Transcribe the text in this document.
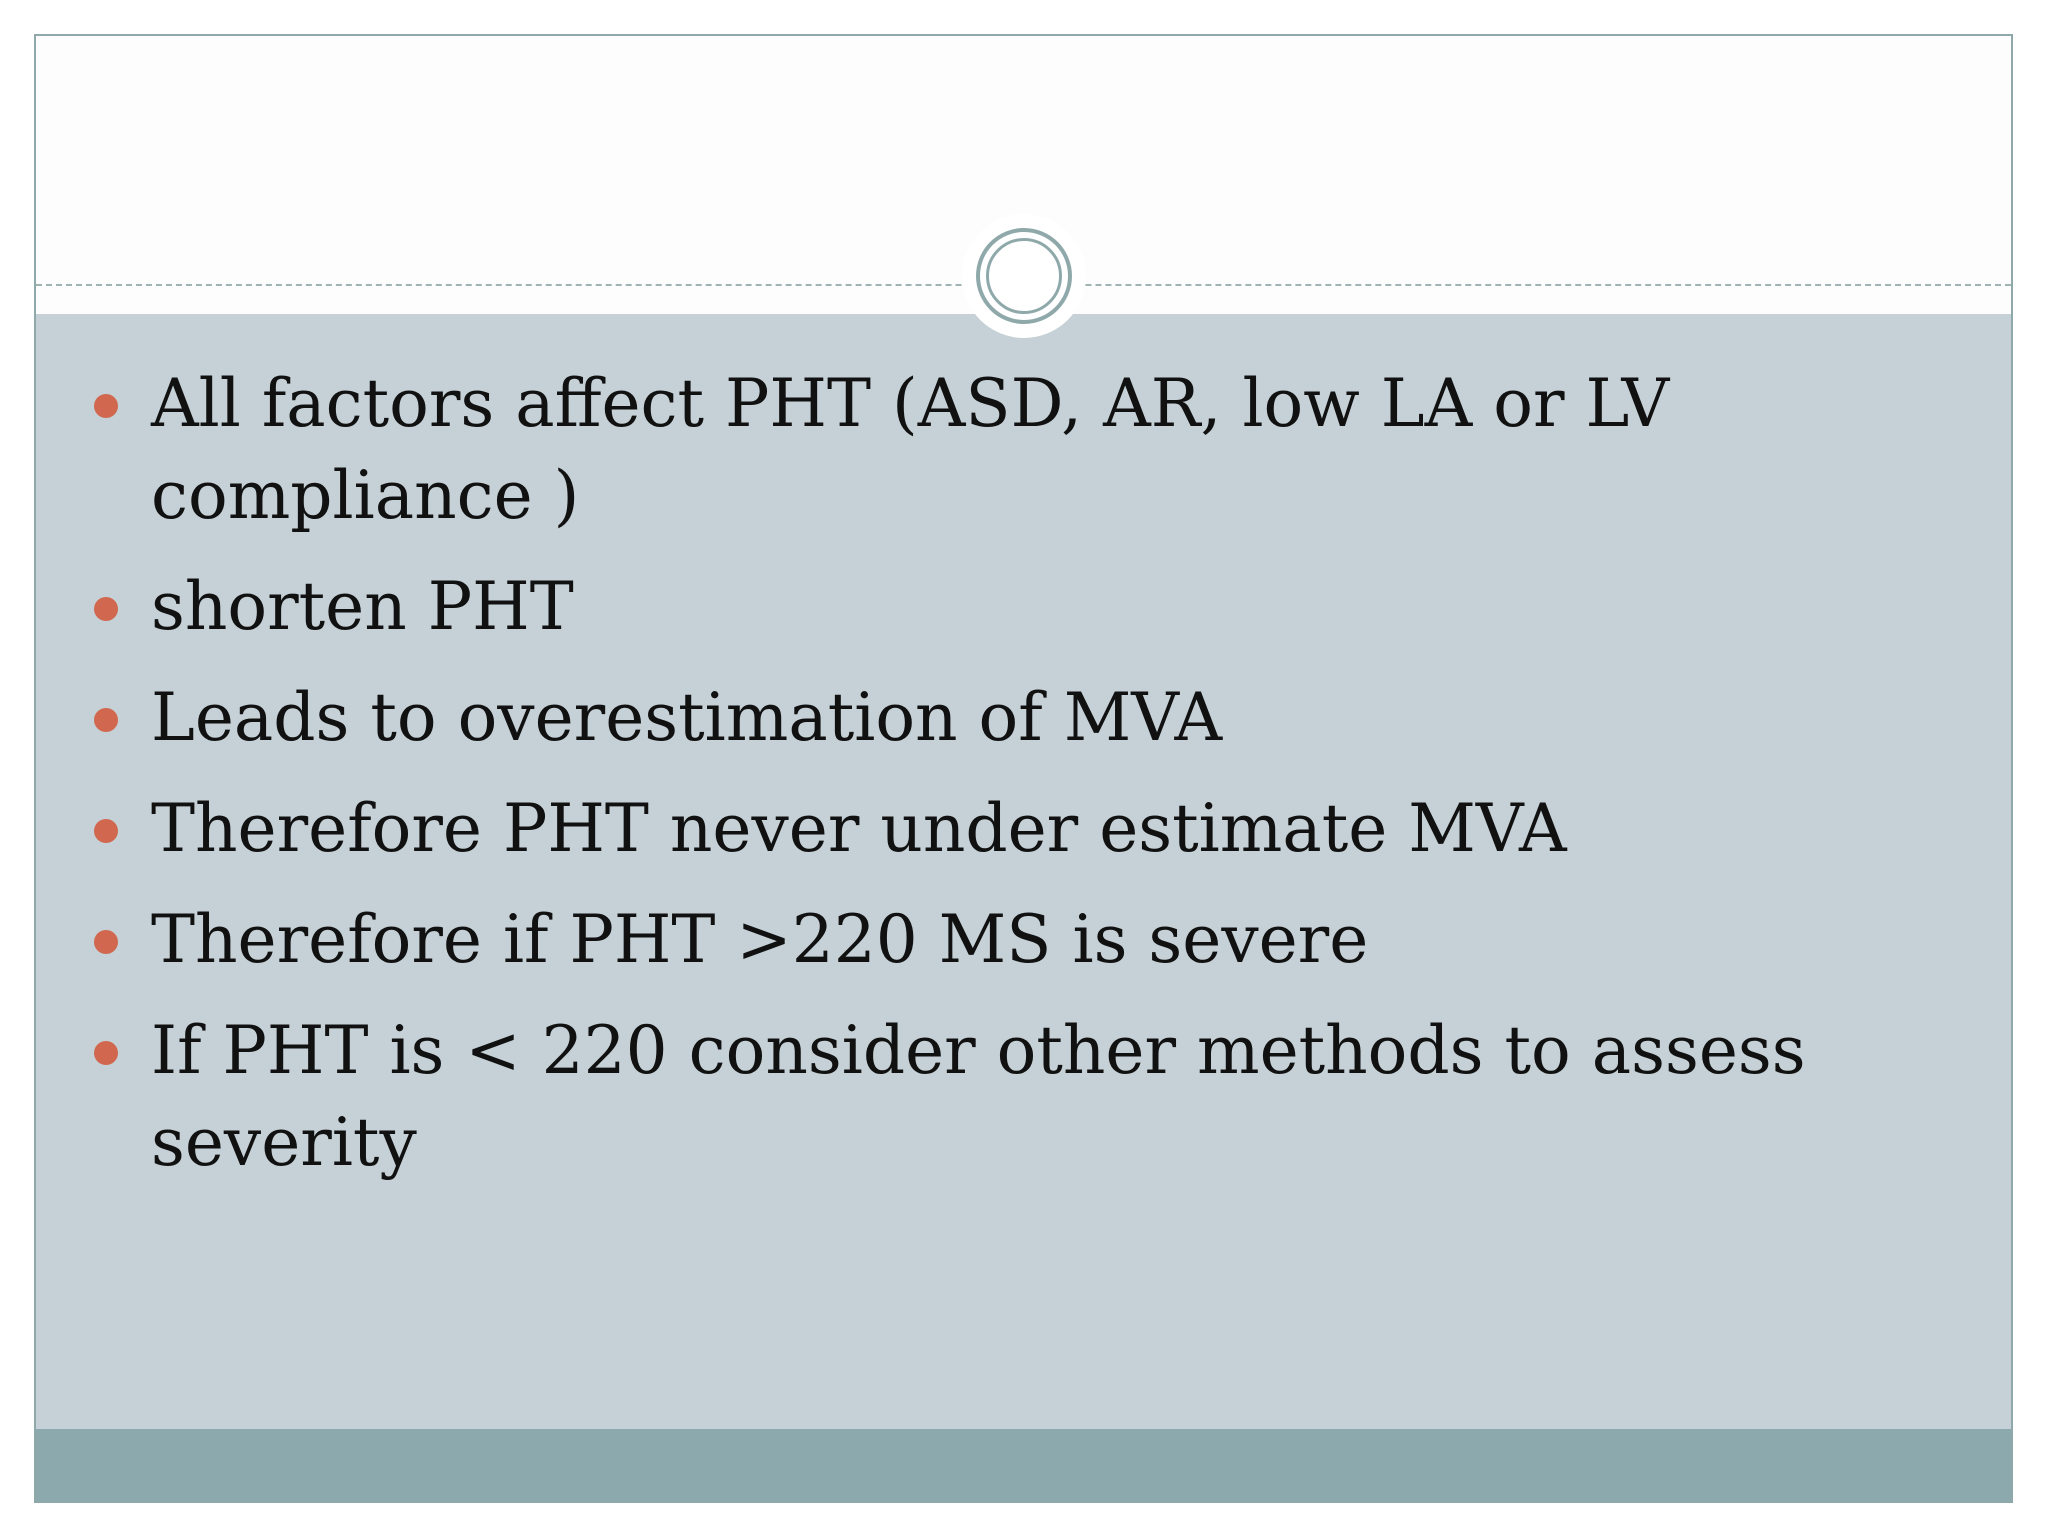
All factors affect PHT (ASD, AR, low LA or LV compliance )
shorten PHT
Leads to overestimation of MVA
Therefore PHT never under estimate MVA
Therefore if PHT >220 MS is severe
If PHT is < 220 consider other methods to assess severity
